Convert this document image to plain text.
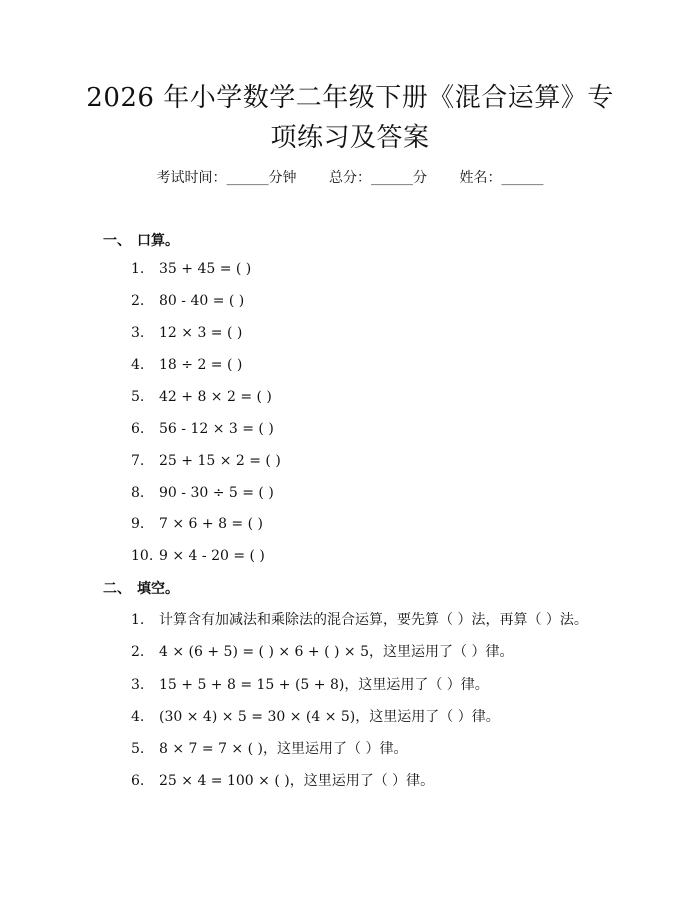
2026 年小学数学二年级下册《混合运算》专
项练习及答案
考试时间：______分钟 总分：______分 姓名：______
一、 口算。
1. 35 + 45 = ( )
2. 80 - 40 = ( )
3. 12 × 3 = ( )
4. 18 ÷ 2 = ( )
5. 42 + 8 × 2 = ( )
6. 56 - 12 × 3 = ( )
7. 25 + 15 × 2 = ( )
8. 90 - 30 ÷ 5 = ( )
9. 7 × 6 + 8 = ( )
10. 9 × 4 - 20 = ( )
二、 填空。
1. 计算含有加减法和乘除法的混合运算，要先算（ ）法，再算（ ）法。
2. 4 × (6 + 5) = ( ) × 6 + ( ) × 5，这里运用了（ ）律。
3. 15 + 5 + 8 = 15 + (5 + 8)，这里运用了（ ）律。
4. (30 × 4) × 5 = 30 × (4 × 5)，这里运用了（ ）律。
5. 8 × 7 = 7 × ( )，这里运用了（ ）律。
6. 25 × 4 = 100 × ( )，这里运用了（ ）律。
